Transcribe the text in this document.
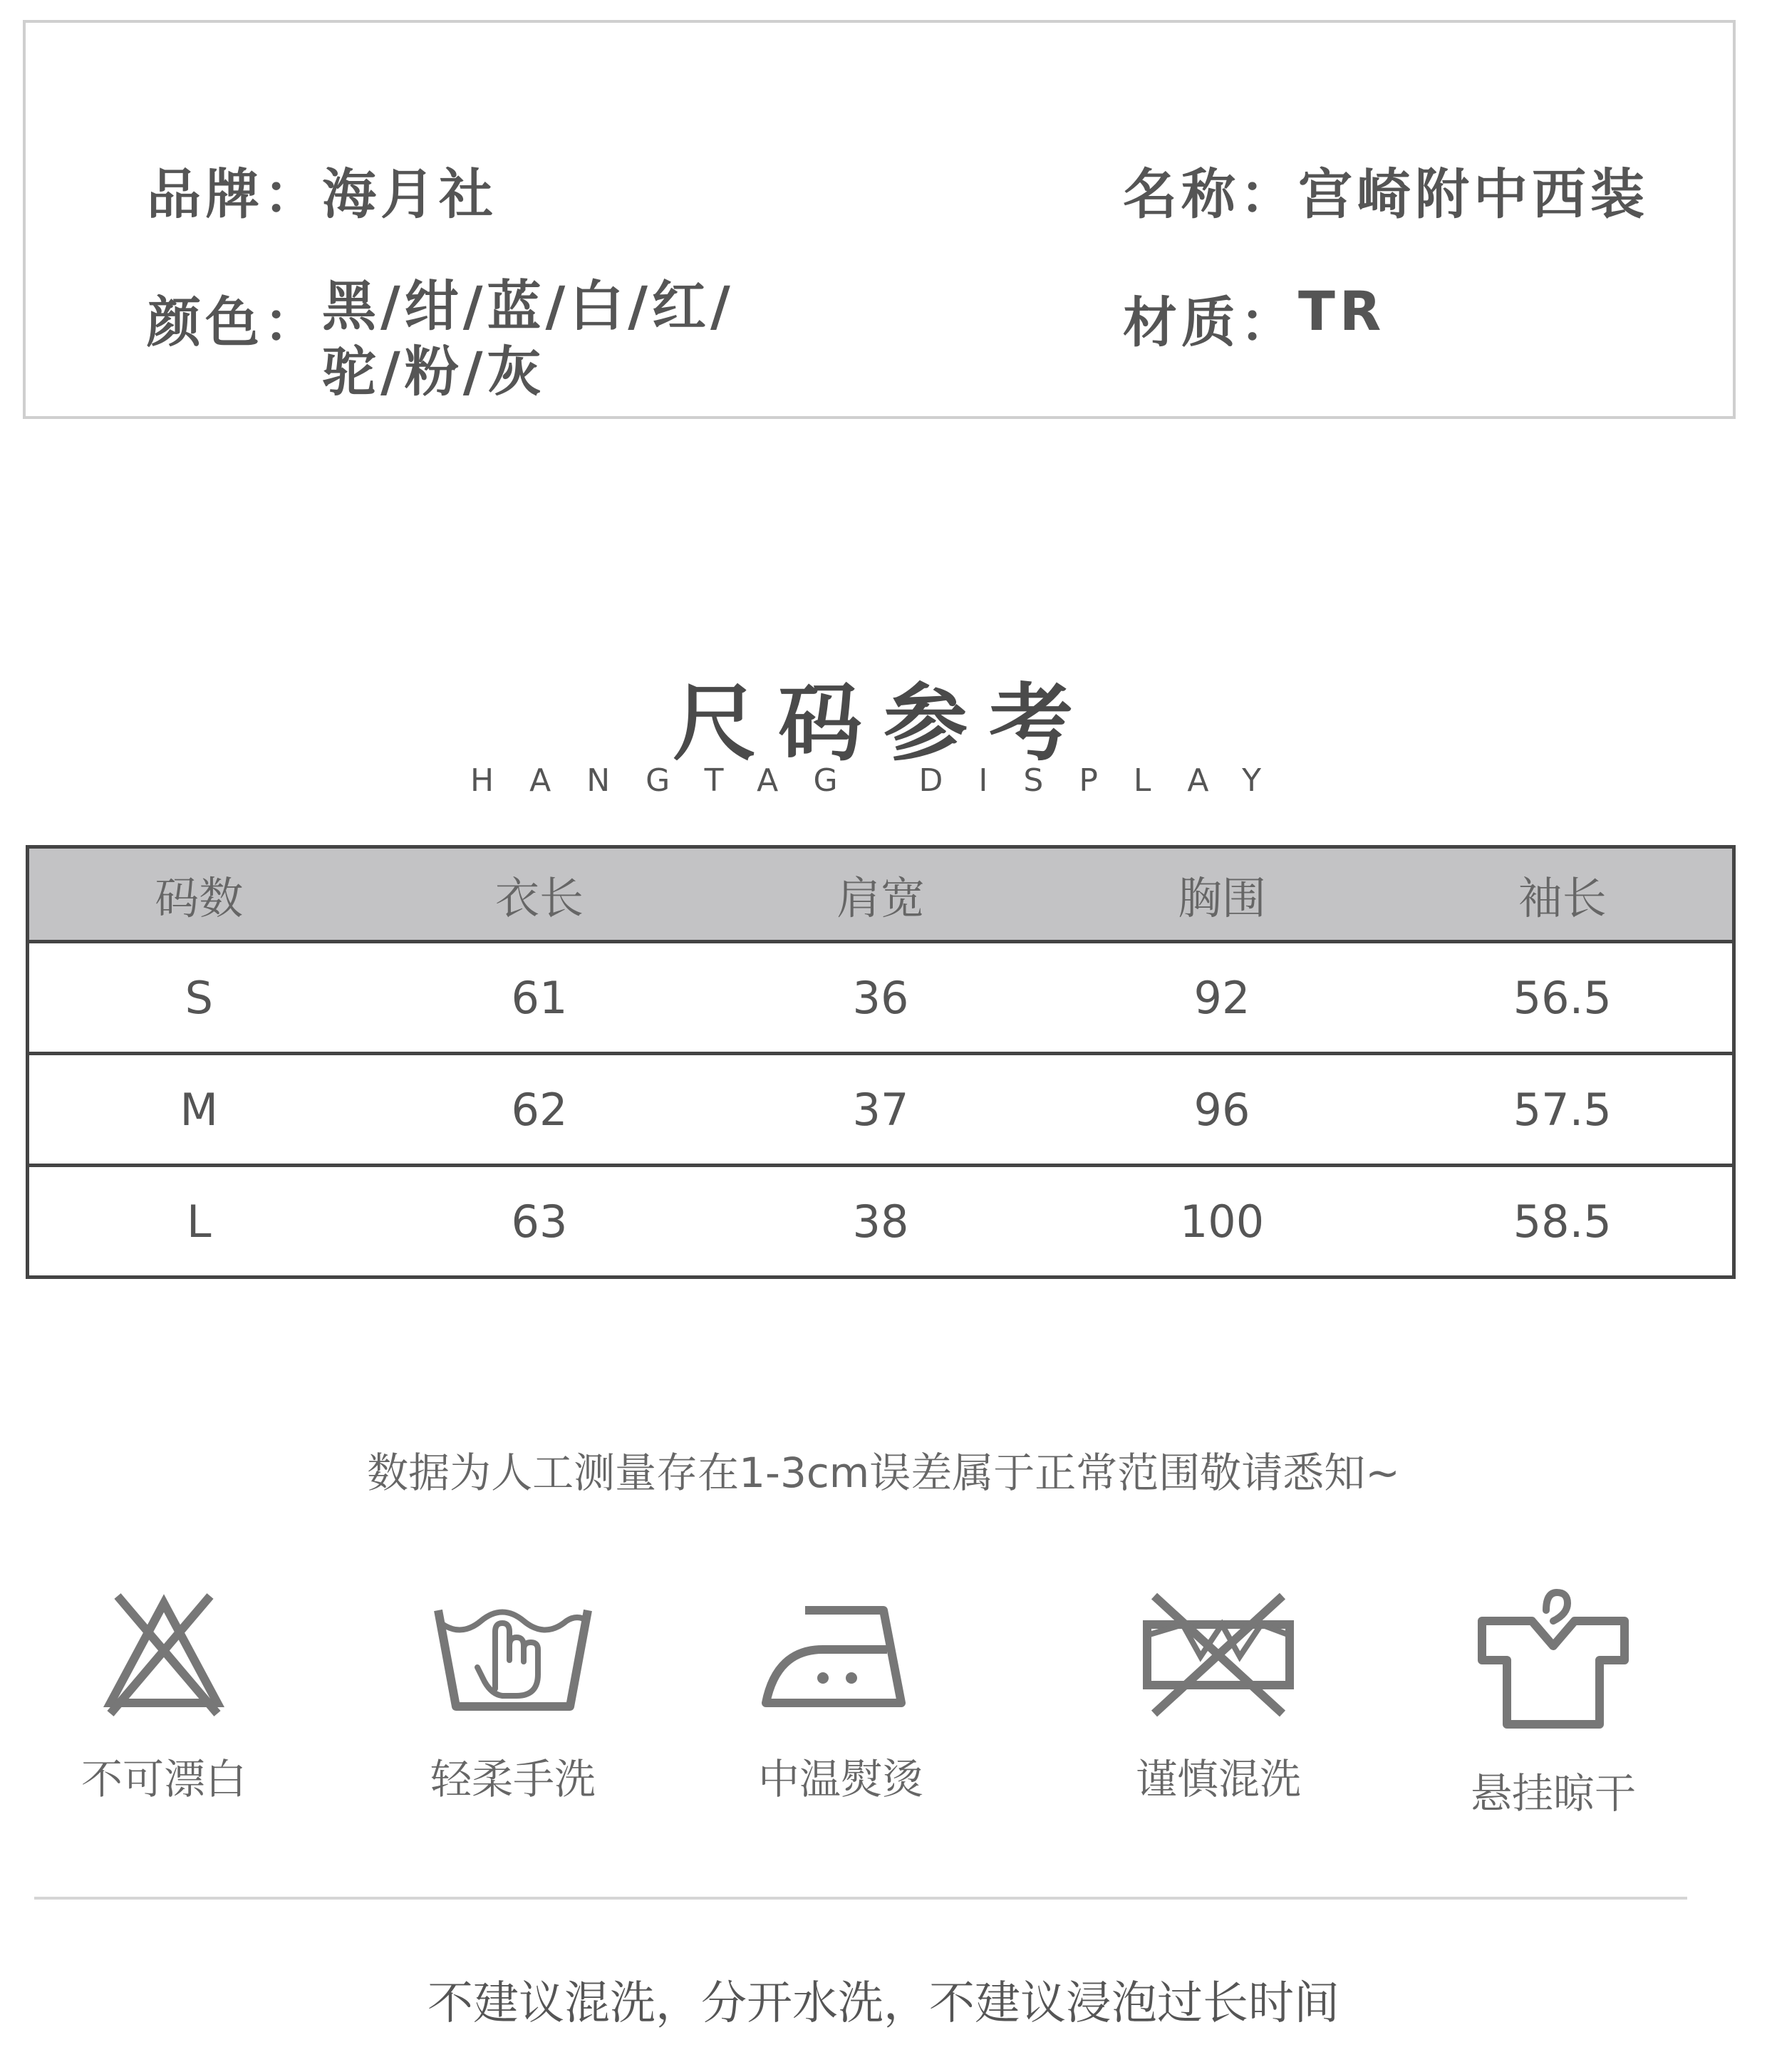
品牌：海月社	名称：宫崎附中西装
颜色：黑/绀/蓝/白/红/
驼/粉/灰
材质：TR
尺码参考
HANGTAG DISPLAY
码数	衣长	肩宽	胸围	袖长
S	61	36	92	56.5
M	62	37	96	57.5
L	63	38	100	58.5
数据为人工测量存在1-3cm误差属于正常范围敬请悉知~
不可漂白	轻柔手洗	中温熨烫	谨慎混洗	悬挂晾干
不建议混洗，分开水洗，不建议浸泡过长时间
